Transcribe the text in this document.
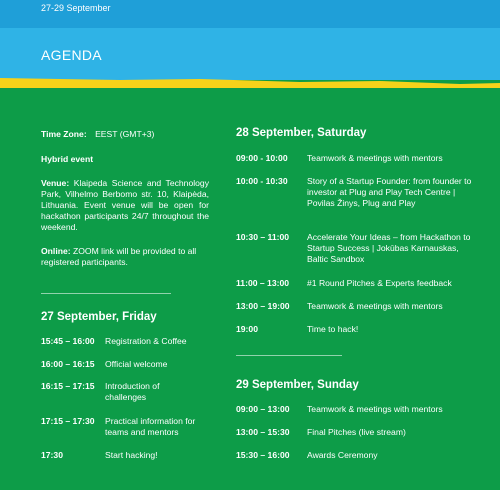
27-29 September
AGENDA
Time Zone: EEST (GMT+3)
Hybrid event
Venue: Klaipeda Science and Technology Park, Vilhelmo Berbomo str. 10, Klaipėda, Lithuania. Event venue will be open for hackathon participants 24/7 throughout the weekend.
Online: ZOOM link will be provided to all registered participants.
27 September, Friday
15:45 – 16:00	Registration & Coffee
16:00 – 16:15	Official welcome
16:15 – 17:15	Introduction of challenges
17:15 – 17:30	Practical information for teams and mentors
17:30	Start hacking!
28 September, Saturday
09:00 - 10:00	Teamwork & meetings with mentors
10:00 - 10:30	Story of a Startup Founder: from founder to investor at Plug and Play Tech Centre | Povilas Žinys, Plug and Play
10:30 – 11:00	Accelerate Your Ideas – from Hackathon to Startup Success | Jokūbas Karnauskas, Baltic Sandbox
11:00 – 13:00	#1 Round Pitches & Experts feedback
13:00 – 19:00	Teamwork & meetings with mentors
19:00	Time to hack!
29 September, Sunday
09:00 – 13:00	Teamwork & meetings with mentors
13:00 – 15:30	Final Pitches (live stream)
15:30 – 16:00	Awards Ceremony
